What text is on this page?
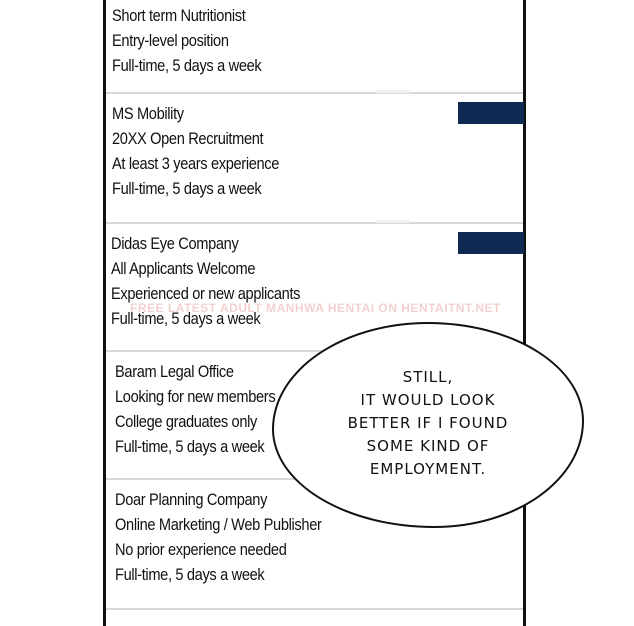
Short term Nutritionist
Entry-level position
Full-time, 5 days a week
MS Mobility
20XX Open Recruitment
At least 3 years experience
Full-time, 5 days a week
Didas Eye Company
All Applicants Welcome
Experienced or new applicants
Full-time, 5 days a week
Baram Legal Office
Looking for new members
College graduates only
Full-time, 5 days a week
Doar Planning Company
Online Marketing / Web Publisher
No prior experience needed
Full-time, 5 days a week
FREE LATEST ADULT MANHWA HENTAI ON HENTAITNT.NET
STILL,
IT WOULD LOOK
BETTER IF I FOUND
SOME KIND OF
EMPLOYMENT.
